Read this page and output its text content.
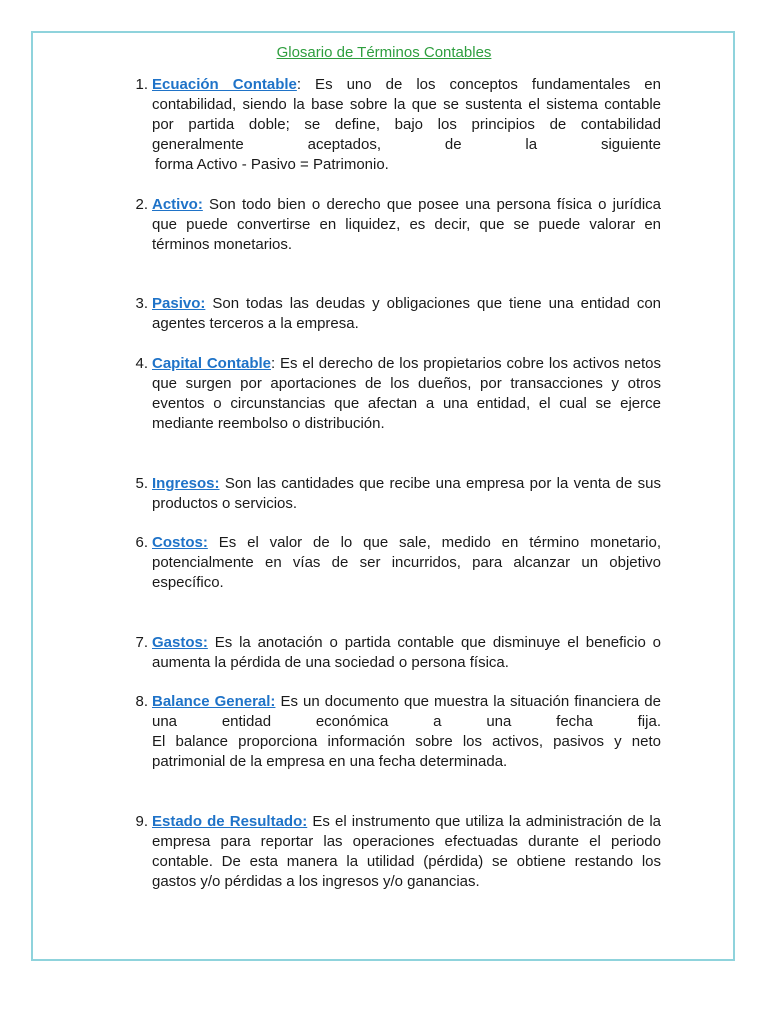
Glosario de Términos Contables
1. Ecuación Contable: Es uno de los conceptos fundamentales en contabilidad, siendo la base sobre la que se sustenta el sistema contable por partida doble; se define, bajo los principios de contabilidad generalmente aceptados, de la siguiente
forma Activo - Pasivo = Patrimonio.
2. Activo: Son todo bien o derecho que posee una persona física o jurídica que puede convertirse en liquidez, es decir, que se puede valorar en términos monetarios.
3. Pasivo: Son todas las deudas y obligaciones que tiene una entidad con agentes terceros a la empresa.
4. Capital Contable: Es el derecho de los propietarios cobre los activos netos que surgen por aportaciones de los dueños, por transacciones y otros eventos o circunstancias que afectan a una entidad, el cual se ejerce mediante reembolso o distribución.
5. Ingresos: Son las cantidades que recibe una empresa por la venta de sus productos o servicios.
6. Costos: Es el valor de lo que sale, medido en término monetario, potencialmente en vías de ser incurridos, para alcanzar un objetivo específico.
7. Gastos: Es la anotación o partida contable que disminuye el beneficio o aumenta la pérdida de una sociedad o persona física.
8. Balance General: Es un documento que muestra la situación financiera de una entidad económica a una fecha fija.
El balance proporciona información sobre los activos, pasivos y neto patrimonial de la empresa en una fecha determinada.
9. Estado de Resultado: Es el instrumento que utiliza la administración de la empresa para reportar las operaciones efectuadas durante el periodo contable. De esta manera la utilidad (pérdida) se obtiene restando los gastos y/o pérdidas a los ingresos y/o ganancias.
